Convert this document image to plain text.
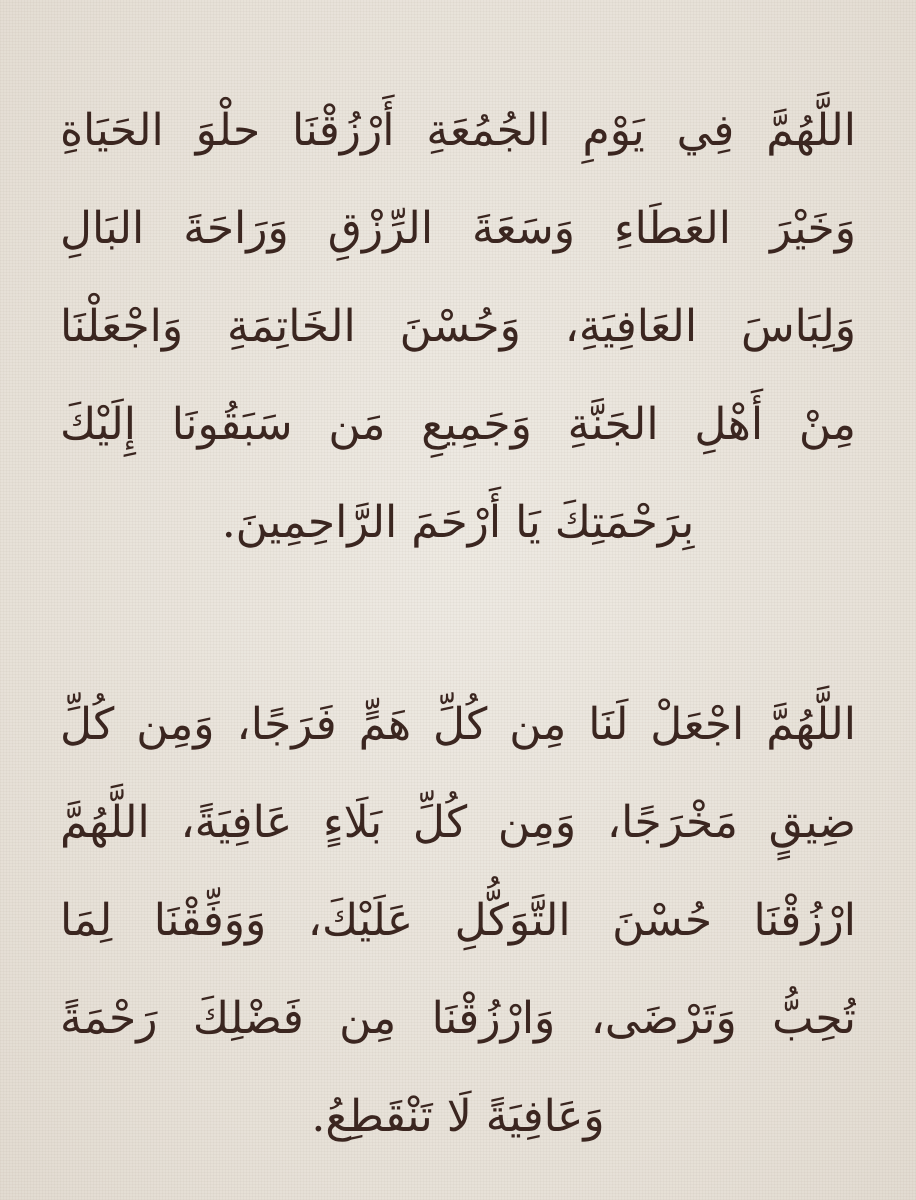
اللَّهُمَّ فِي يَوْمِ الجُمُعَةِ أَرْزُقْنَا حلْوَ الحَيَاةِ
وَخَيْرَ العَطَاءِ وَسَعَةَ الرِّزْقِ وَرَاحَةَ البَالِ
وَلِبَاسَ العَافِيَةِ، وَحُسْنَ الخَاتِمَةِ وَاجْعَلْنَا
مِنْ أَهْلِ الجَنَّةِ وَجَمِيعِ مَن سَبَقُونَا إِلَيْكَ
بِرَحْمَتِكَ يَا أَرْحَمَ الرَّاحِمِينَ.
اللَّهُمَّ اجْعَلْ لَنَا مِن كُلِّ هَمٍّ فَرَجًا، وَمِن كُلِّ
ضِيقٍ مَخْرَجًا، وَمِن كُلِّ بَلَاءٍ عَافِيَةً، اللَّهُمَّ
ارْزُقْنَا حُسْنَ التَّوَكُّلِ عَلَيْكَ، وَوَفِّقْنَا لِمَا
تُحِبُّ وَتَرْضَى، وَارْزُقْنَا مِن فَضْلِكَ رَحْمَةً
وَعَافِيَةً لَا تَنْقَطِعُ.
